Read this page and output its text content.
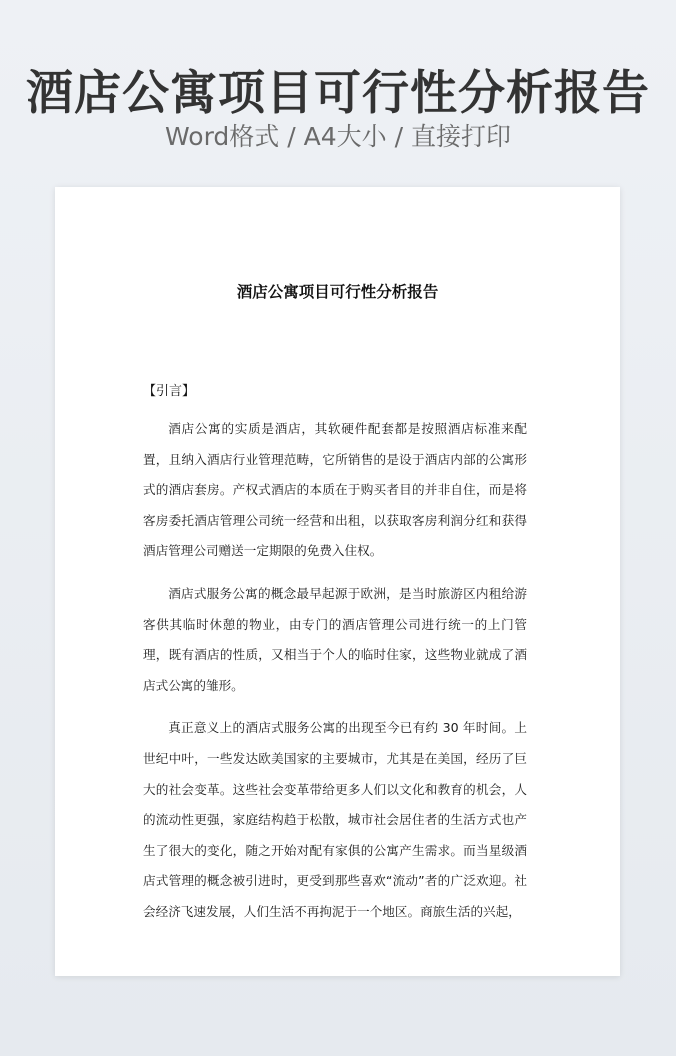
酒店公寓项目可行性分析报告
Word格式 / A4大小 / 直接打印
酒店公寓项目可行性分析报告
【引言】

酒店公寓的实质是酒店，其软硬件配套都是按照酒店标准来配置，且纳入酒店行业管理范畴，它所销售的是设于酒店内部的公寓形式的酒店套房。产权式酒店的本质在于购买者目的并非自住，而是将客房委托酒店管理公司统一经营和出租，以获取客房利润分红和获得酒店管理公司赠送一定期限的免费入住权。

酒店式服务公寓的概念最早起源于欧洲，是当时旅游区内租给游客供其临时休憩的物业，由专门的酒店管理公司进行统一的上门管理，既有酒店的性质，又相当于个人的临时住家，这些物业就成了酒店式公寓的雏形。

真正意义上的酒店式服务公寓的出现至今已有约 30 年时间。上世纪中叶，一些发达欧美国家的主要城市，尤其是在美国，经历了巨大的社会变革。这些社会变革带给更多人们以文化和教育的机会，人的流动性更强，家庭结构趋于松散，城市社会居住者的生活方式也产生了很大的变化，随之开始对配有家俱的公寓产生需求。而当星级酒店式管理的概念被引进时，更受到那些喜欢“流动”者的广泛欢迎。社会经济飞速发展，人们生活不再拘泥于一个地区。商旅生活的兴起，
